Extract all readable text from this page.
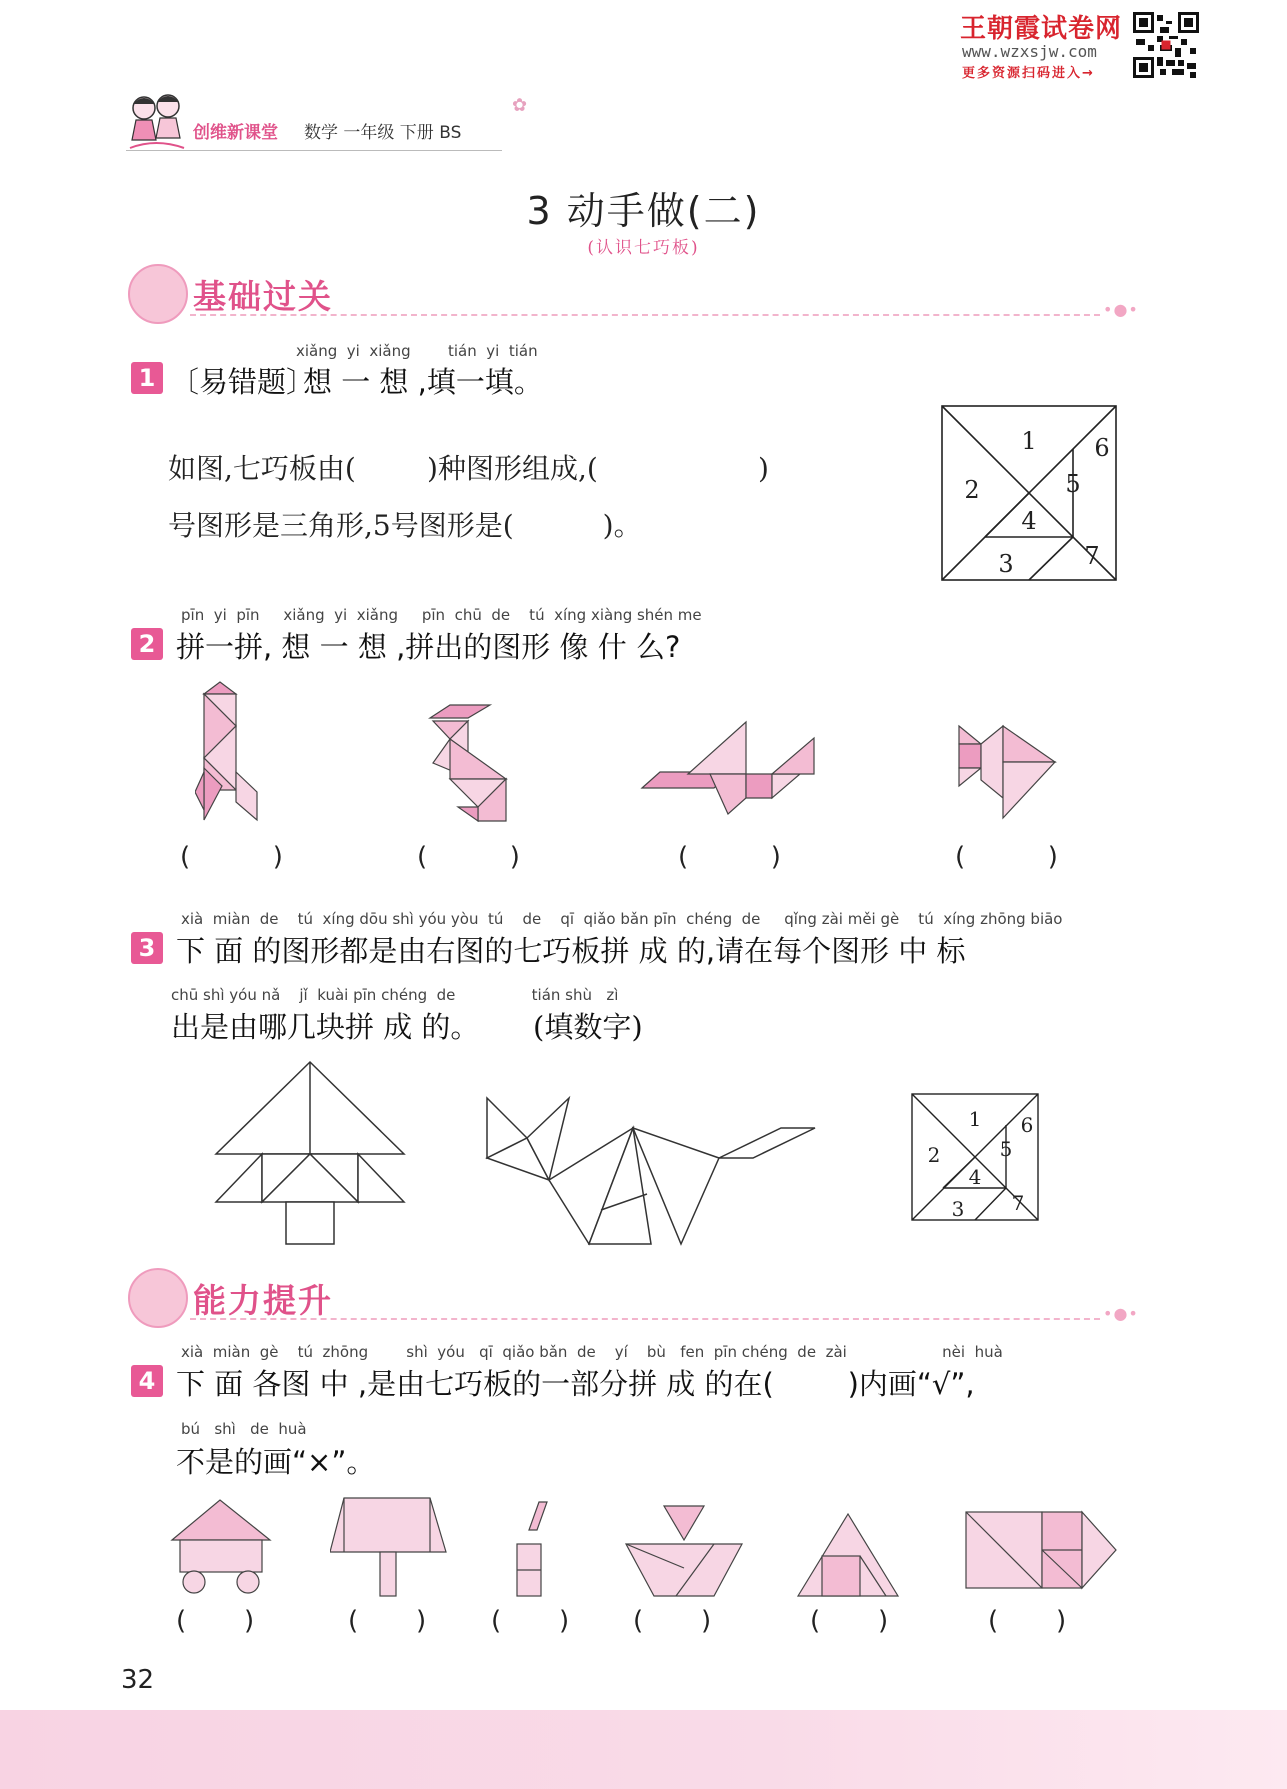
王朝霞试卷网
www.wzxsjw.com
更多资源扫码进入→
创维新课堂 数学 一年级 下册 BS
✿
3 动手做(二)
(认识七巧板)
基础过关	•●•
xiǎng  yi  xiǎng tián  yi  tián
1 〔易错题〕
想 一 想 ,填一填。
如图,七巧板由(        )种图形组成,(                  )
号图形是三角形,5号图形是(          )。
1
2
3
4
5
6
7
pīn  yi  pīn     xiǎng  yi  xiǎng     pīn  chū  de    tú  xíng xiàng shén me
2 拼一拼, 想 一 想 ,拼出的图形 像 什 么?
(          )	(          )	(          )	(          )
xià  miàn  de    tú  xíng dōu shì yóu yòu  tú    de    qī  qiǎo bǎn pīn  chéng  de     qǐng zài měi gè    tú  xíng zhōng biāo
3 下 面 的图形都是由右图的七巧板拼 成 的,请在每个图形 中 标
chū shì yóu nǎ    jǐ  kuài pīn chéng  de                tián shù   zì
出是由哪几块拼 成 的。 (填数字)
1
2
3
4
5
6
7
能力提升	•●•
xià  miàn  gè    tú  zhōng        shì  yóu   qī  qiǎo bǎn  de    yí    bù   fen  pīn chéng  de  zài                    nèi  huà
4 下 面 各图 中 ,是由七巧板的一部分拼 成 的在(        )内画“√”,
bú   shì   de  huà
不是的画“×”。
(       )	(       ) (       ) (       )	(       )	(       )
32
